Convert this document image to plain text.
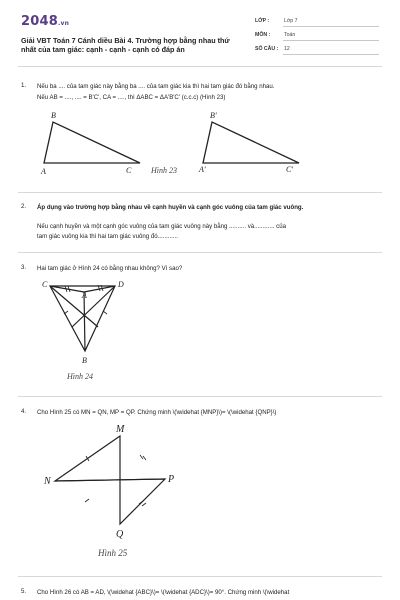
2048.vn
Giải VBT Toán 7 Cánh diều Bài 4. Trường hợp bằng nhau thứ nhất của tam giác: cạnh - cạnh - cạnh có đáp án
LỚP :	Lớp 7
MÔN :	Toán
SỐ CÂU : 12
1. Nếu ba .... của tam giác này bằng ba .... của tam giác kia thì hai tam giác đó bằng nhau.
Nếu AB = ...., .... = B'C', CA = ...., thì ΔABC = ΔA'B'C' (c.c.c) (Hình 23)
B
A	C
B'
A'	C'
Hình 23
2. Áp dụng vào trường hợp bằng nhau về cạnh huyền và cạnh góc vuông của tam giác vuông.
Nếu cạnh huyền và một cạnh góc vuông của tam giác vuông này bằng .......... và............ của
tam giác vuông kia thì hai tam giác vuông đó............
3. Hai tam giác ở Hình 24 có bằng nhau không? Vì sao?
C
A
D
B
Hình 24
4. Cho Hình 25 có MN = QN, MP = QP. Chứng minh \(\widehat {MNP}\)= \(\widehat {QNP}\)
M
N	P
Q
Hình 25
5. Cho Hình 26 có AB = AD, \(\widehat {ABC}\)= \(\widehat {ADC}\)= 90°. Chứng minh \(\widehat
